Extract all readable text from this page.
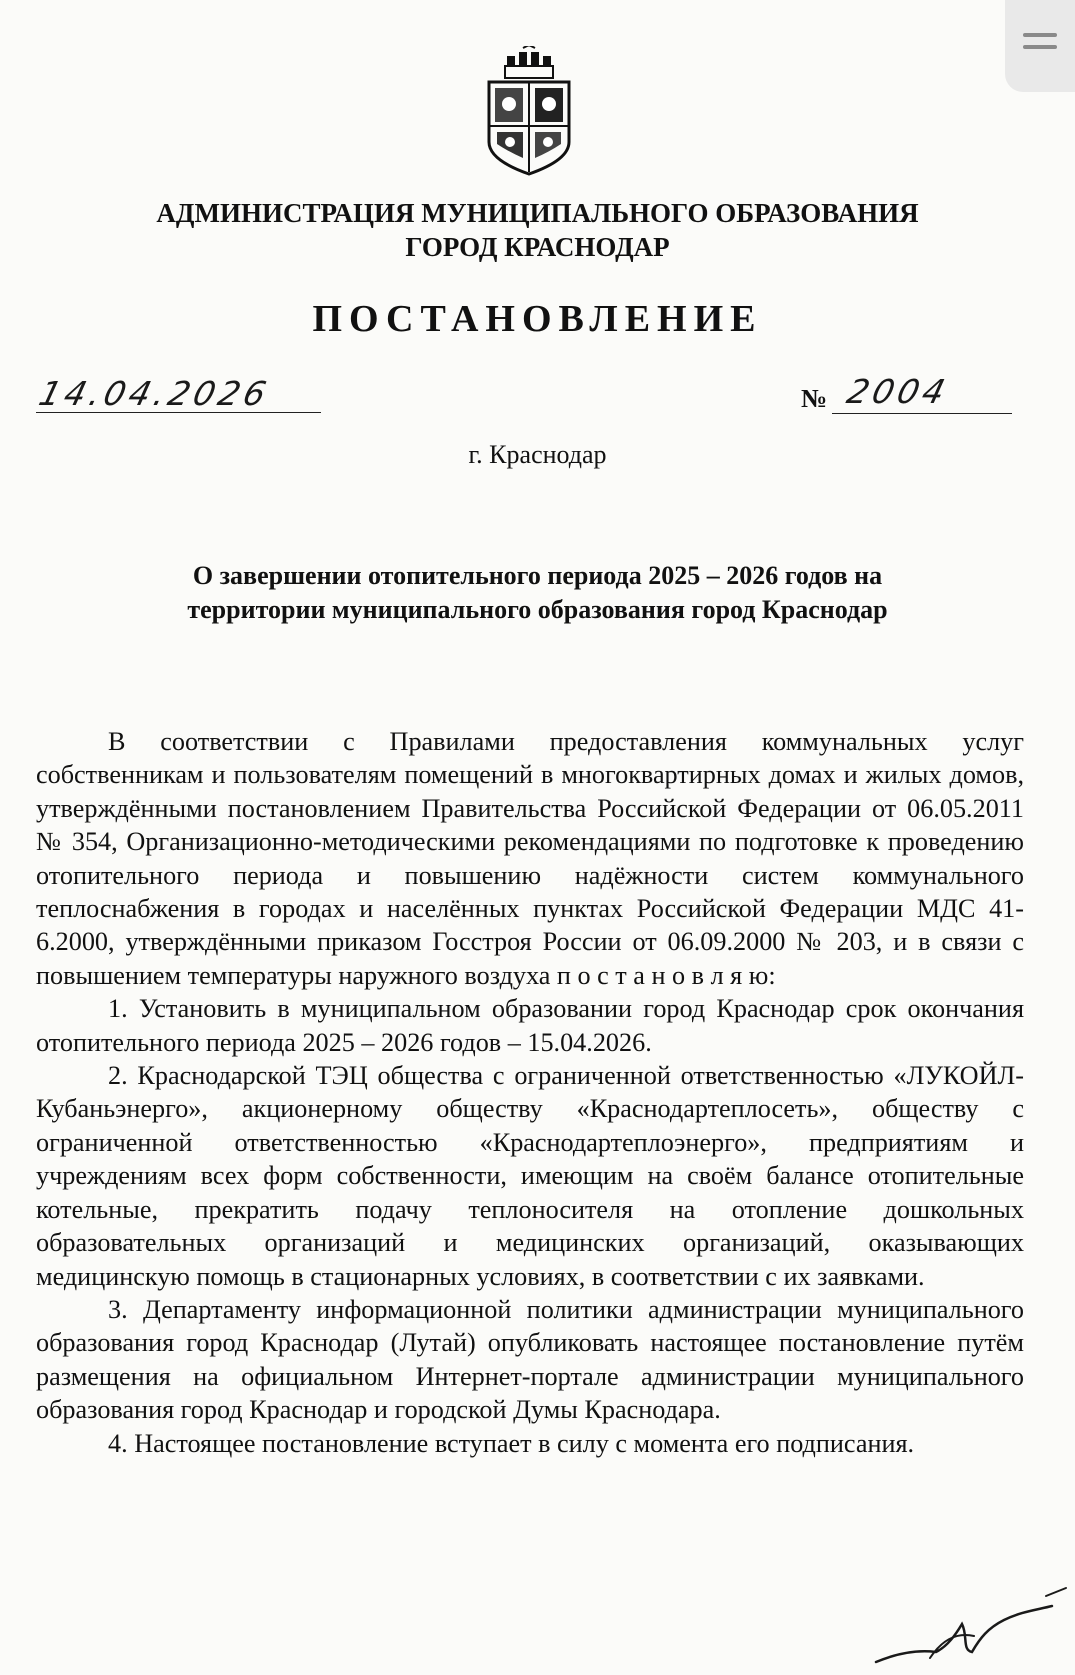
АДМИНИСТРАЦИЯ МУНИЦИПАЛЬНОГО ОБРАЗОВАНИЯ
ГОРОД КРАСНОДАР
ПОСТАНОВЛЕНИЕ
14.04.2026	№ 2004
г. Краснодар
О завершении отопительного периода 2025 – 2026 годов на
территории муниципального образования город Краснодар

В соответствии с Правилами предоставления коммунальных услуг собственникам и пользователям помещений в многоквартирных домах и жилых домов, утверждёнными постановлением Правительства Российской Федерации от 06.05.2011 № 354, Организационно-методическими рекомендациями по подготовке к проведению отопительного периода и повышению надёжности систем коммунального теплоснабжения в городах и населённых пунктах Российской Федерации МДС 41-6.2000, утверждёнными приказом Госстроя России от 06.09.2000 № 203, и в связи с повышением температуры наружного воздуха п о с т а н о в л я ю:

1. Установить в муниципальном образовании город Краснодар срок окончания отопительного периода 2025 – 2026 годов – 15.04.2026.

2. Краснодарской ТЭЦ общества с ограниченной ответственностью «ЛУКОЙЛ-Кубаньэнерго», акционерному обществу «Краснодартеплосеть», обществу с ограниченной ответственностью «Краснодартеплоэнерго», предприятиям и учреждениям всех форм собственности, имеющим на своём балансе отопительные котельные, прекратить подачу теплоносителя на отопление дошкольных образовательных организаций и медицинских организаций, оказывающих медицинскую помощь в стационарных условиях, в соответствии с их заявками.

3. Департаменту информационной политики администрации муниципального образования город Краснодар (Лутай) опубликовать настоящее постановление путём размещения на официальном Интернет-портале администрации муниципального образования город Краснодар и городской Думы Краснодара.

4. Настоящее постановление вступает в силу с момента его подписания.
